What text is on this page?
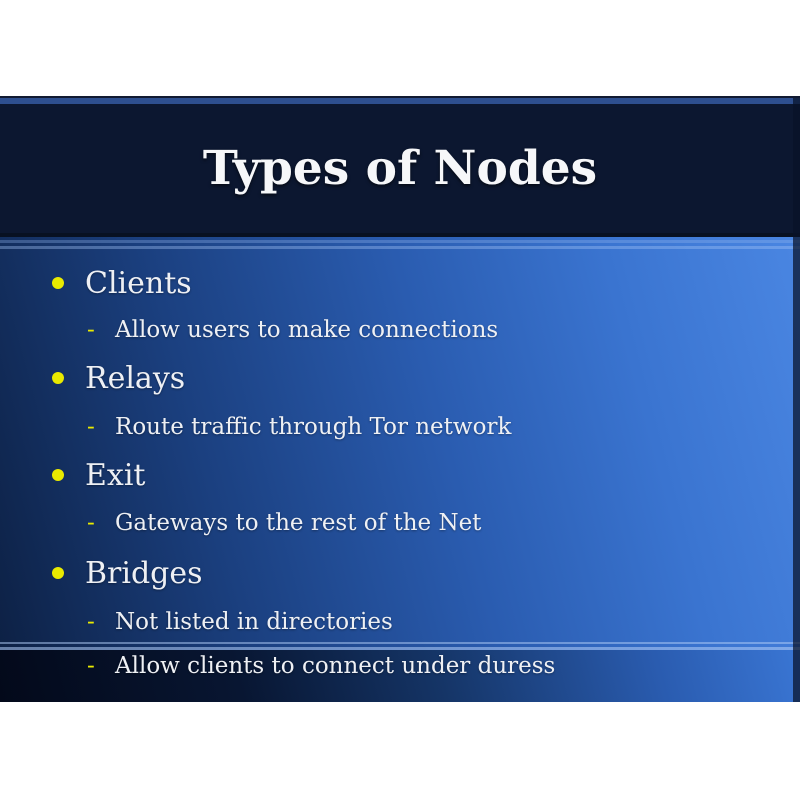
Types of Nodes
Clients
- Allow users to make connections
Relays
- Route traffic through Tor network
Exit
- Gateways to the rest of the Net
Bridges
- Not listed in directories
- Allow clients to connect under duress
